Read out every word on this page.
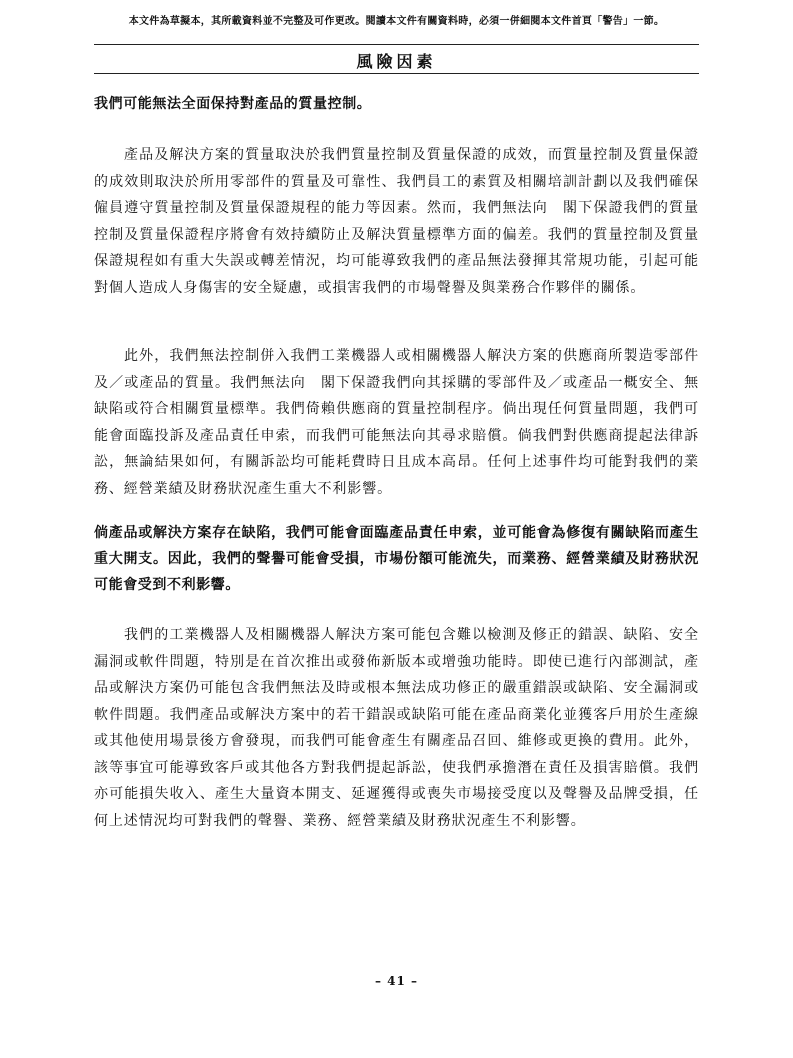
本文件為草擬本，其所載資料並不完整及可作更改。閱讀本文件有關資料時，必須一併細閱本文件首頁「警告」一節。
風險因素
我們可能無法全面保持對產品的質量控制。
產品及解決方案的質量取決於我們質量控制及質量保證的成效，而質量控制及質量保證的成效則取決於所用零部件的質量及可靠性、我們員工的素質及相關培訓計劃以及我們確保僱員遵守質量控制及質量保證規程的能力等因素。然而，我們無法向　閣下保證我們的質量控制及質量保證程序將會有效持續防止及解決質量標準方面的偏差。我們的質量控制及質量保證規程如有重大失誤或轉差情況，均可能導致我們的產品無法發揮其常規功能，引起可能對個人造成人身傷害的安全疑慮，或損害我們的市場聲譽及與業務合作夥伴的關係。
此外，我們無法控制併入我們工業機器人或相關機器人解決方案的供應商所製造零部件及／或產品的質量。我們無法向　閣下保證我們向其採購的零部件及／或產品一概安全、無缺陷或符合相關質量標準。我們倚賴供應商的質量控制程序。倘出現任何質量問題，我們可能會面臨投訴及產品責任申索，而我們可能無法向其尋求賠償。倘我們對供應商提起法律訴訟，無論結果如何，有關訴訟均可能耗費時日且成本高昂。任何上述事件均可能對我們的業務、經營業績及財務狀況產生重大不利影響。
倘產品或解決方案存在缺陷，我們可能會面臨產品責任申索，並可能會為修復有關缺陷而產生重大開支。因此，我們的聲譽可能會受損，市場份額可能流失，而業務、經營業績及財務狀況可能會受到不利影響。
我們的工業機器人及相關機器人解決方案可能包含難以檢測及修正的錯誤、缺陷、安全漏洞或軟件問題，特別是在首次推出或發佈新版本或增強功能時。即使已進行內部測試，產品或解決方案仍可能包含我們無法及時或根本無法成功修正的嚴重錯誤或缺陷、安全漏洞或軟件問題。我們產品或解決方案中的若干錯誤或缺陷可能在產品商業化並獲客戶用於生產線或其他使用場景後方會發現，而我們可能會產生有關產品召回、維修或更換的費用。此外，該等事宜可能導致客戶或其他各方對我們提起訴訟，使我們承擔潛在責任及損害賠償。我們亦可能損失收入、產生大量資本開支、延遲獲得或喪失市場接受度以及聲譽及品牌受損，任何上述情況均可對我們的聲譽、業務、經營業績及財務狀況產生不利影響。
– 41 –
